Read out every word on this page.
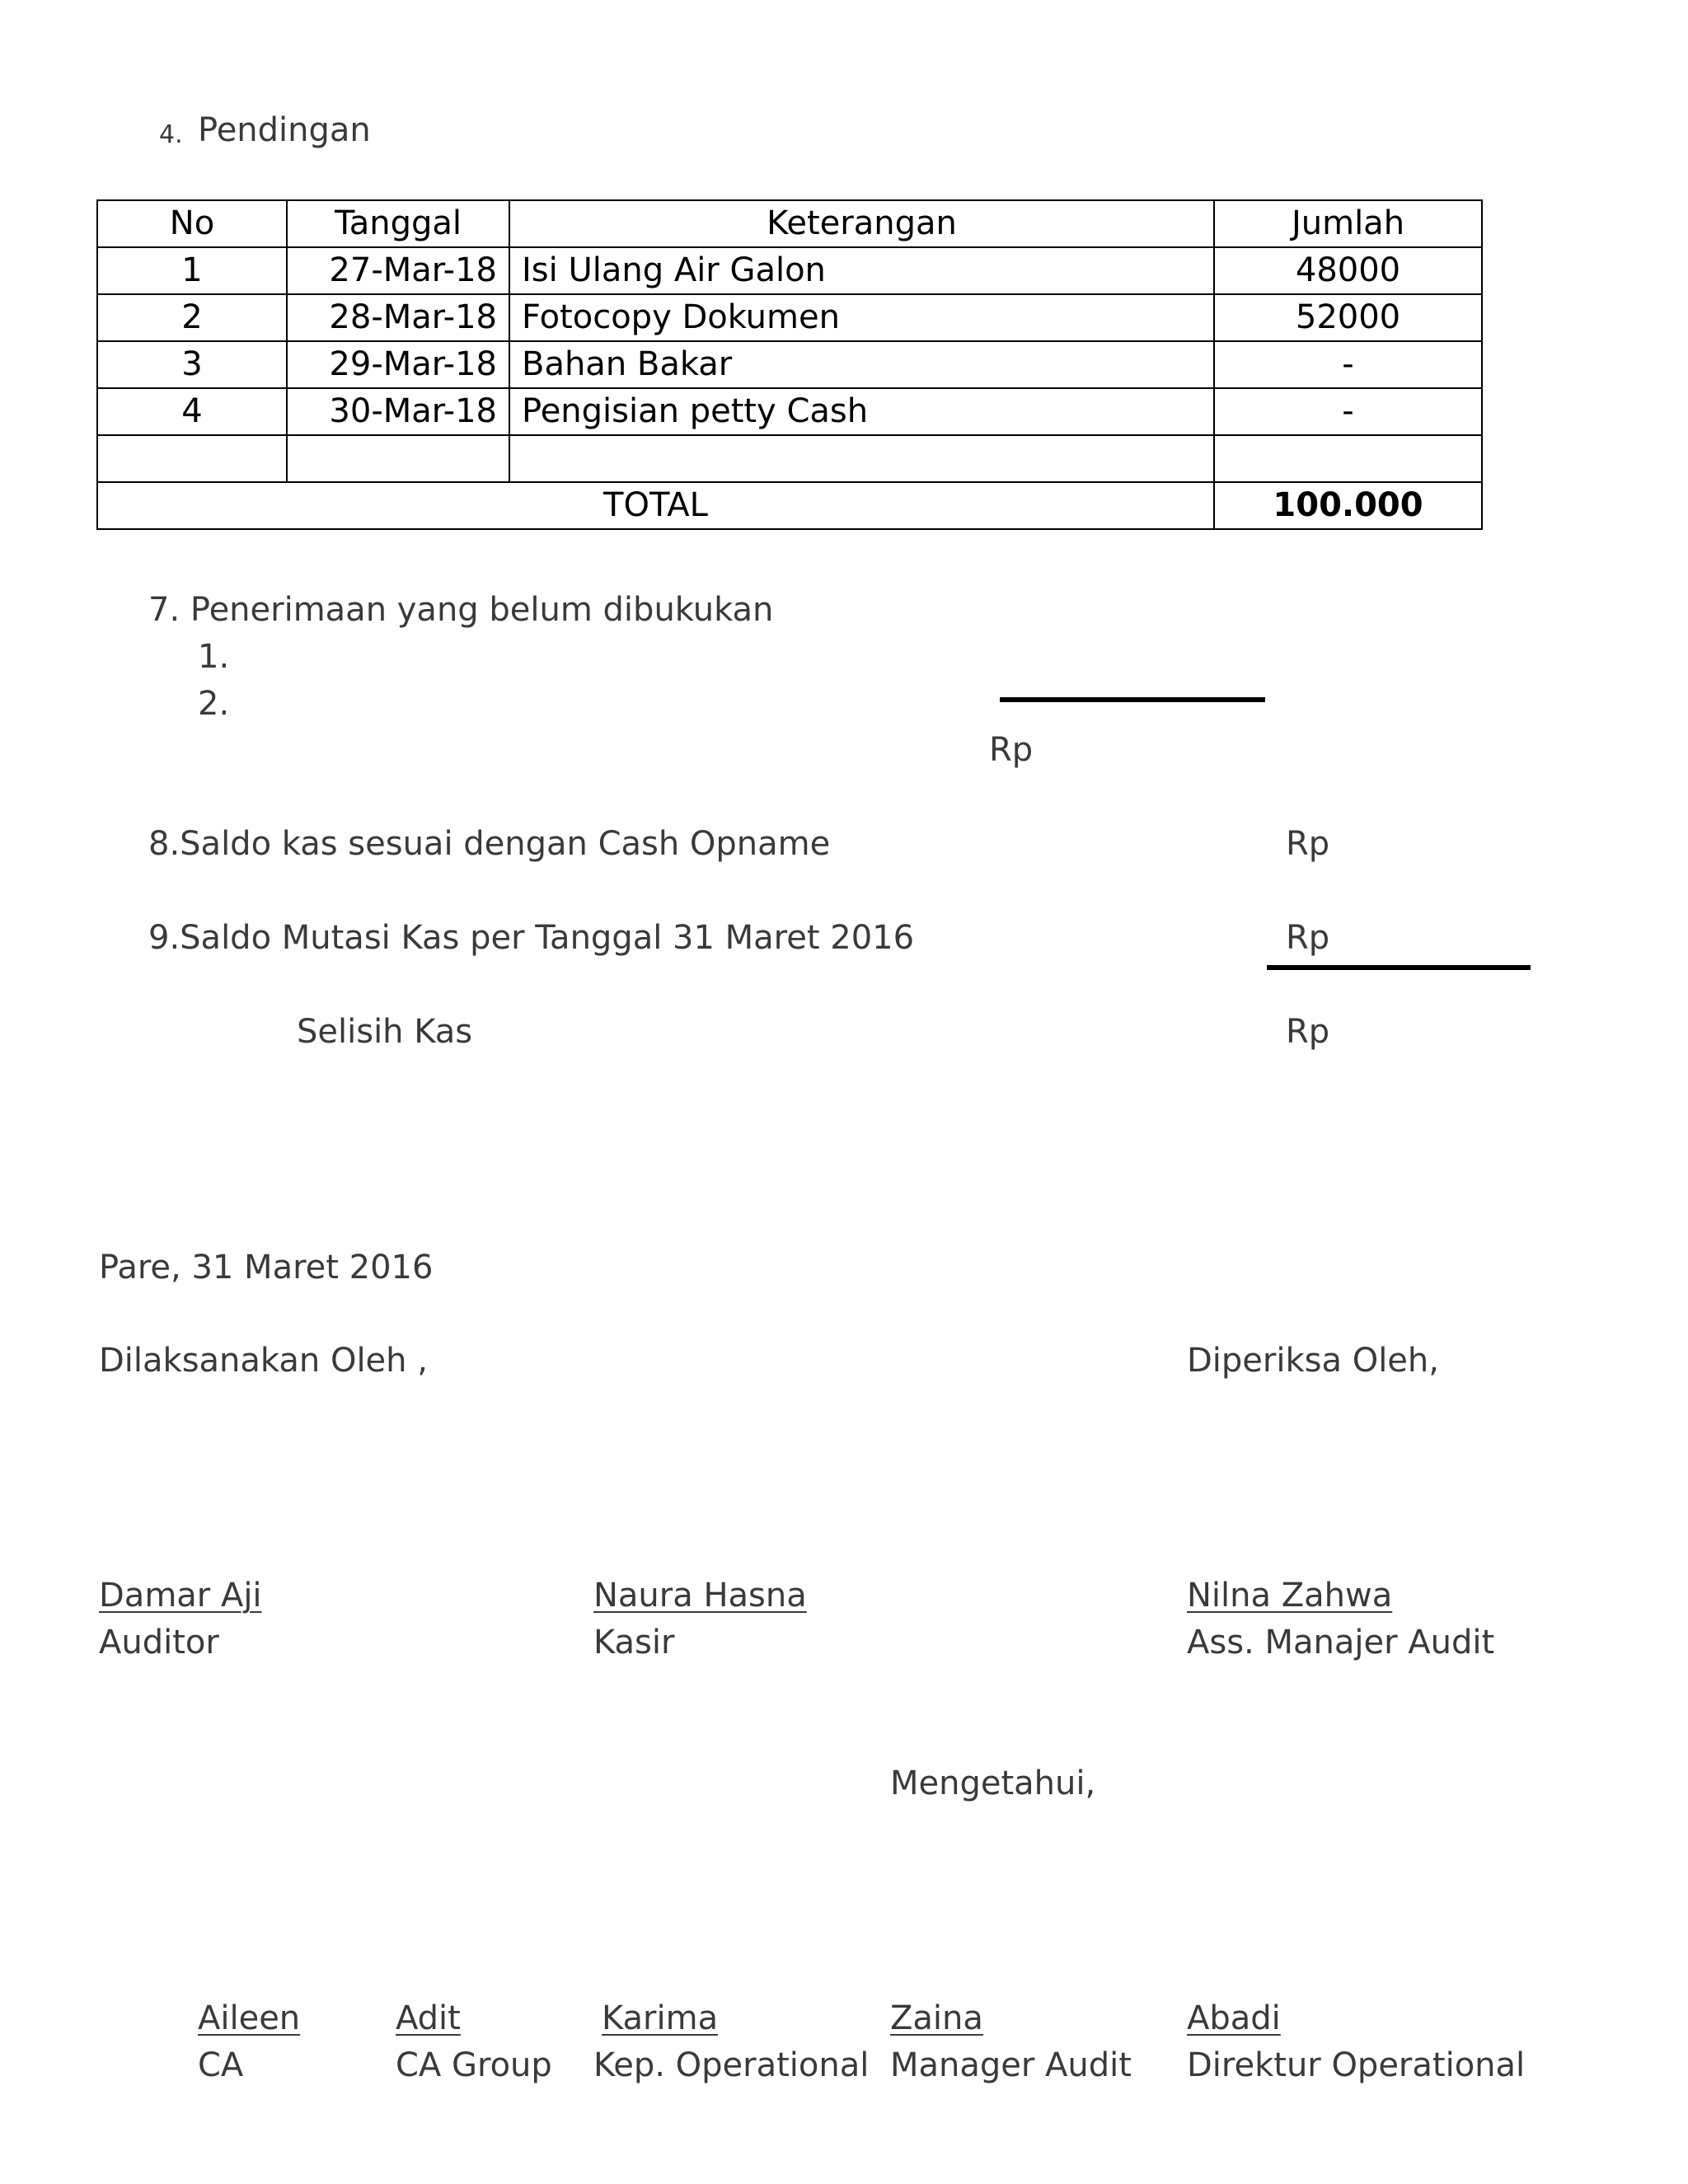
4. Pendingan
No	Tanggal	Keterangan	Jumlah
1	27-Mar-18	Isi Ulang Air Galon	48000
2	28-Mar-18	Fotocopy Dokumen	52000
3	29-Mar-18	Bahan Bakar	-
4	30-Mar-18	Pengisian petty Cash	-

TOTAL			100.000
7. Penerimaan yang belum dibukukan
1.
2.
Rp
8.Saldo kas sesuai dengan Cash Opname	Rp
9.Saldo Mutasi Kas per Tanggal 31 Maret 2016	Rp
Selisih Kas	Rp
Pare, 31 Maret 2016
Dilaksanakan Oleh ,	Diperiksa Oleh,
Damar Aji
Auditor
Naura Hasna
Kasir
Nilna Zahwa
Ass. Manajer Audit
Mengetahui,
Aileen
CA
Adit
CA Group
Karima
Kep. Operational
Zaina
Manager Audit
Abadi
Direktur Operational
